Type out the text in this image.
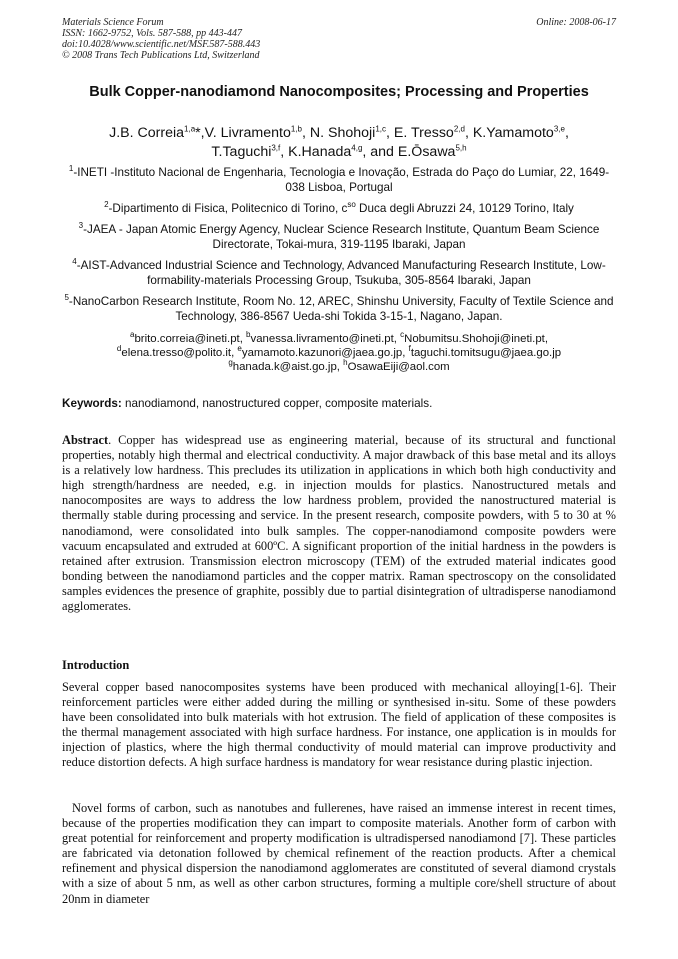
Materials Science Forum
ISSN: 1662-9752, Vols. 587-588, pp 443-447
doi:10.4028/www.scientific.net/MSF.587-588.443
© 2008 Trans Tech Publications Ltd, Switzerland
Online: 2008-06-17
Bulk Copper-nanodiamond Nanocomposites; Processing and Properties
J.B. Correia$^{1,a}$*,V. Livramento$^{1,b}$, N. Shohoji$^{1,c}$, E. Tresso$^{2,d}$, K.Yamamoto$^{3,e}$,
T.Taguchi$^{3,f}$, K.Hanada$^{4,g}$, and E.Ōsawa$^{5,h}$

$^1$-INETI -Instituto Nacional de Engenharia, Tecnologia e Inovação, Estrada do Paço do Lumiar, 22, 1649-038 Lisboa, Portugal

$^2$-Dipartimento di Fisica, Politecnico di Torino, $c^{so}$ Duca degli Abruzzi 24, 10129 Torino, Italy

$^3$-JAEA - Japan Atomic Energy Agency, Nuclear Science Research Institute, Quantum Beam Science Directorate, Tokai-mura, 319-1195 Ibaraki, Japan

$^4$-AIST-Advanced Industrial Science and Technology, Advanced Manufacturing Research Institute, Low-formability-materials Processing Group, Tsukuba, 305-8564 Ibaraki, Japan

$^5$-NanoCarbon Research Institute, Room No. 12, AREC, Shinshu University, Faculty of Textile Science and Technology, 386-8567 Ueda-shi Tokida 3-15-1, Nagano, Japan.

$^a$brito.correia@ineti.pt, $^b$vanessa.livramento@ineti.pt, $^c$Nobumitsu.Shohoji@ineti.pt,
$^d$elena.tresso@polito.it, $^e$yamamoto.kazunori@jaea.go.jp, $^f$taguchi.tomitsugu@jaea.go.jp
$^g$hanada.k@aist.go.jp, $^h$OsawaEiji@aol.com
Keywords: nanodiamond, nanostructured copper, composite materials.

Abstract. Copper has widespread use as engineering material, because of its structural and functional properties, notably high thermal and electrical conductivity. A major drawback of this base metal and its alloys is a relatively low hardness. This precludes its utilization in applications in which both high conductivity and high strength/hardness are needed, e.g. in injection moulds for plastics. Nanostructured metals and nanocomposites are ways to address the low hardness problem, provided the nanostructured material is thermally stable during processing and service. In the present research, composite powders, with 5 to 30 at % nanodiamond, were consolidated into bulk samples. The copper-nanodiamond composite powders were vacuum encapsulated and extruded at 600ºC. A significant proportion of the initial hardness in the powders is retained after extrusion. Transmission electron microscopy (TEM) of the extruded material indicates good bonding between the nanodiamond particles and the copper matrix. Raman spectroscopy on the consolidated samples evidences the presence of graphite, possibly due to partial disintegration of ultradisperse nanodiamond agglomerates.

Introduction

Several copper based nanocomposites systems have been produced with mechanical alloying[1-6]. Their reinforcement particles were either added during the milling or synthesised in-situ. Some of these powders have been consolidated into bulk materials with hot extrusion. The field of application of these composites is the thermal management associated with high surface hardness. For instance, one application is in moulds for injection of plastics, where the high thermal conductivity of mould material can improve productivity and reduce distortion defects. A high surface hardness is mandatory for wear resistance during plastic injection.

Novel forms of carbon, such as nanotubes and fullerenes, have raised an immense interest in recent times, because of the properties modification they can impart to composite materials. Another form of carbon with great potential for reinforcement and property modification is ultradispersed nanodiamond [7]. These particles are fabricated via detonation followed by chemical refinement of the reaction products. After a chemical refinement and physical dispersion the nanodiamond agglomerates are constituted of several diamond crystals with a size of about 5 nm, as well as other carbon structures, forming a multiple core/shell structure of about 20nm in diameter
